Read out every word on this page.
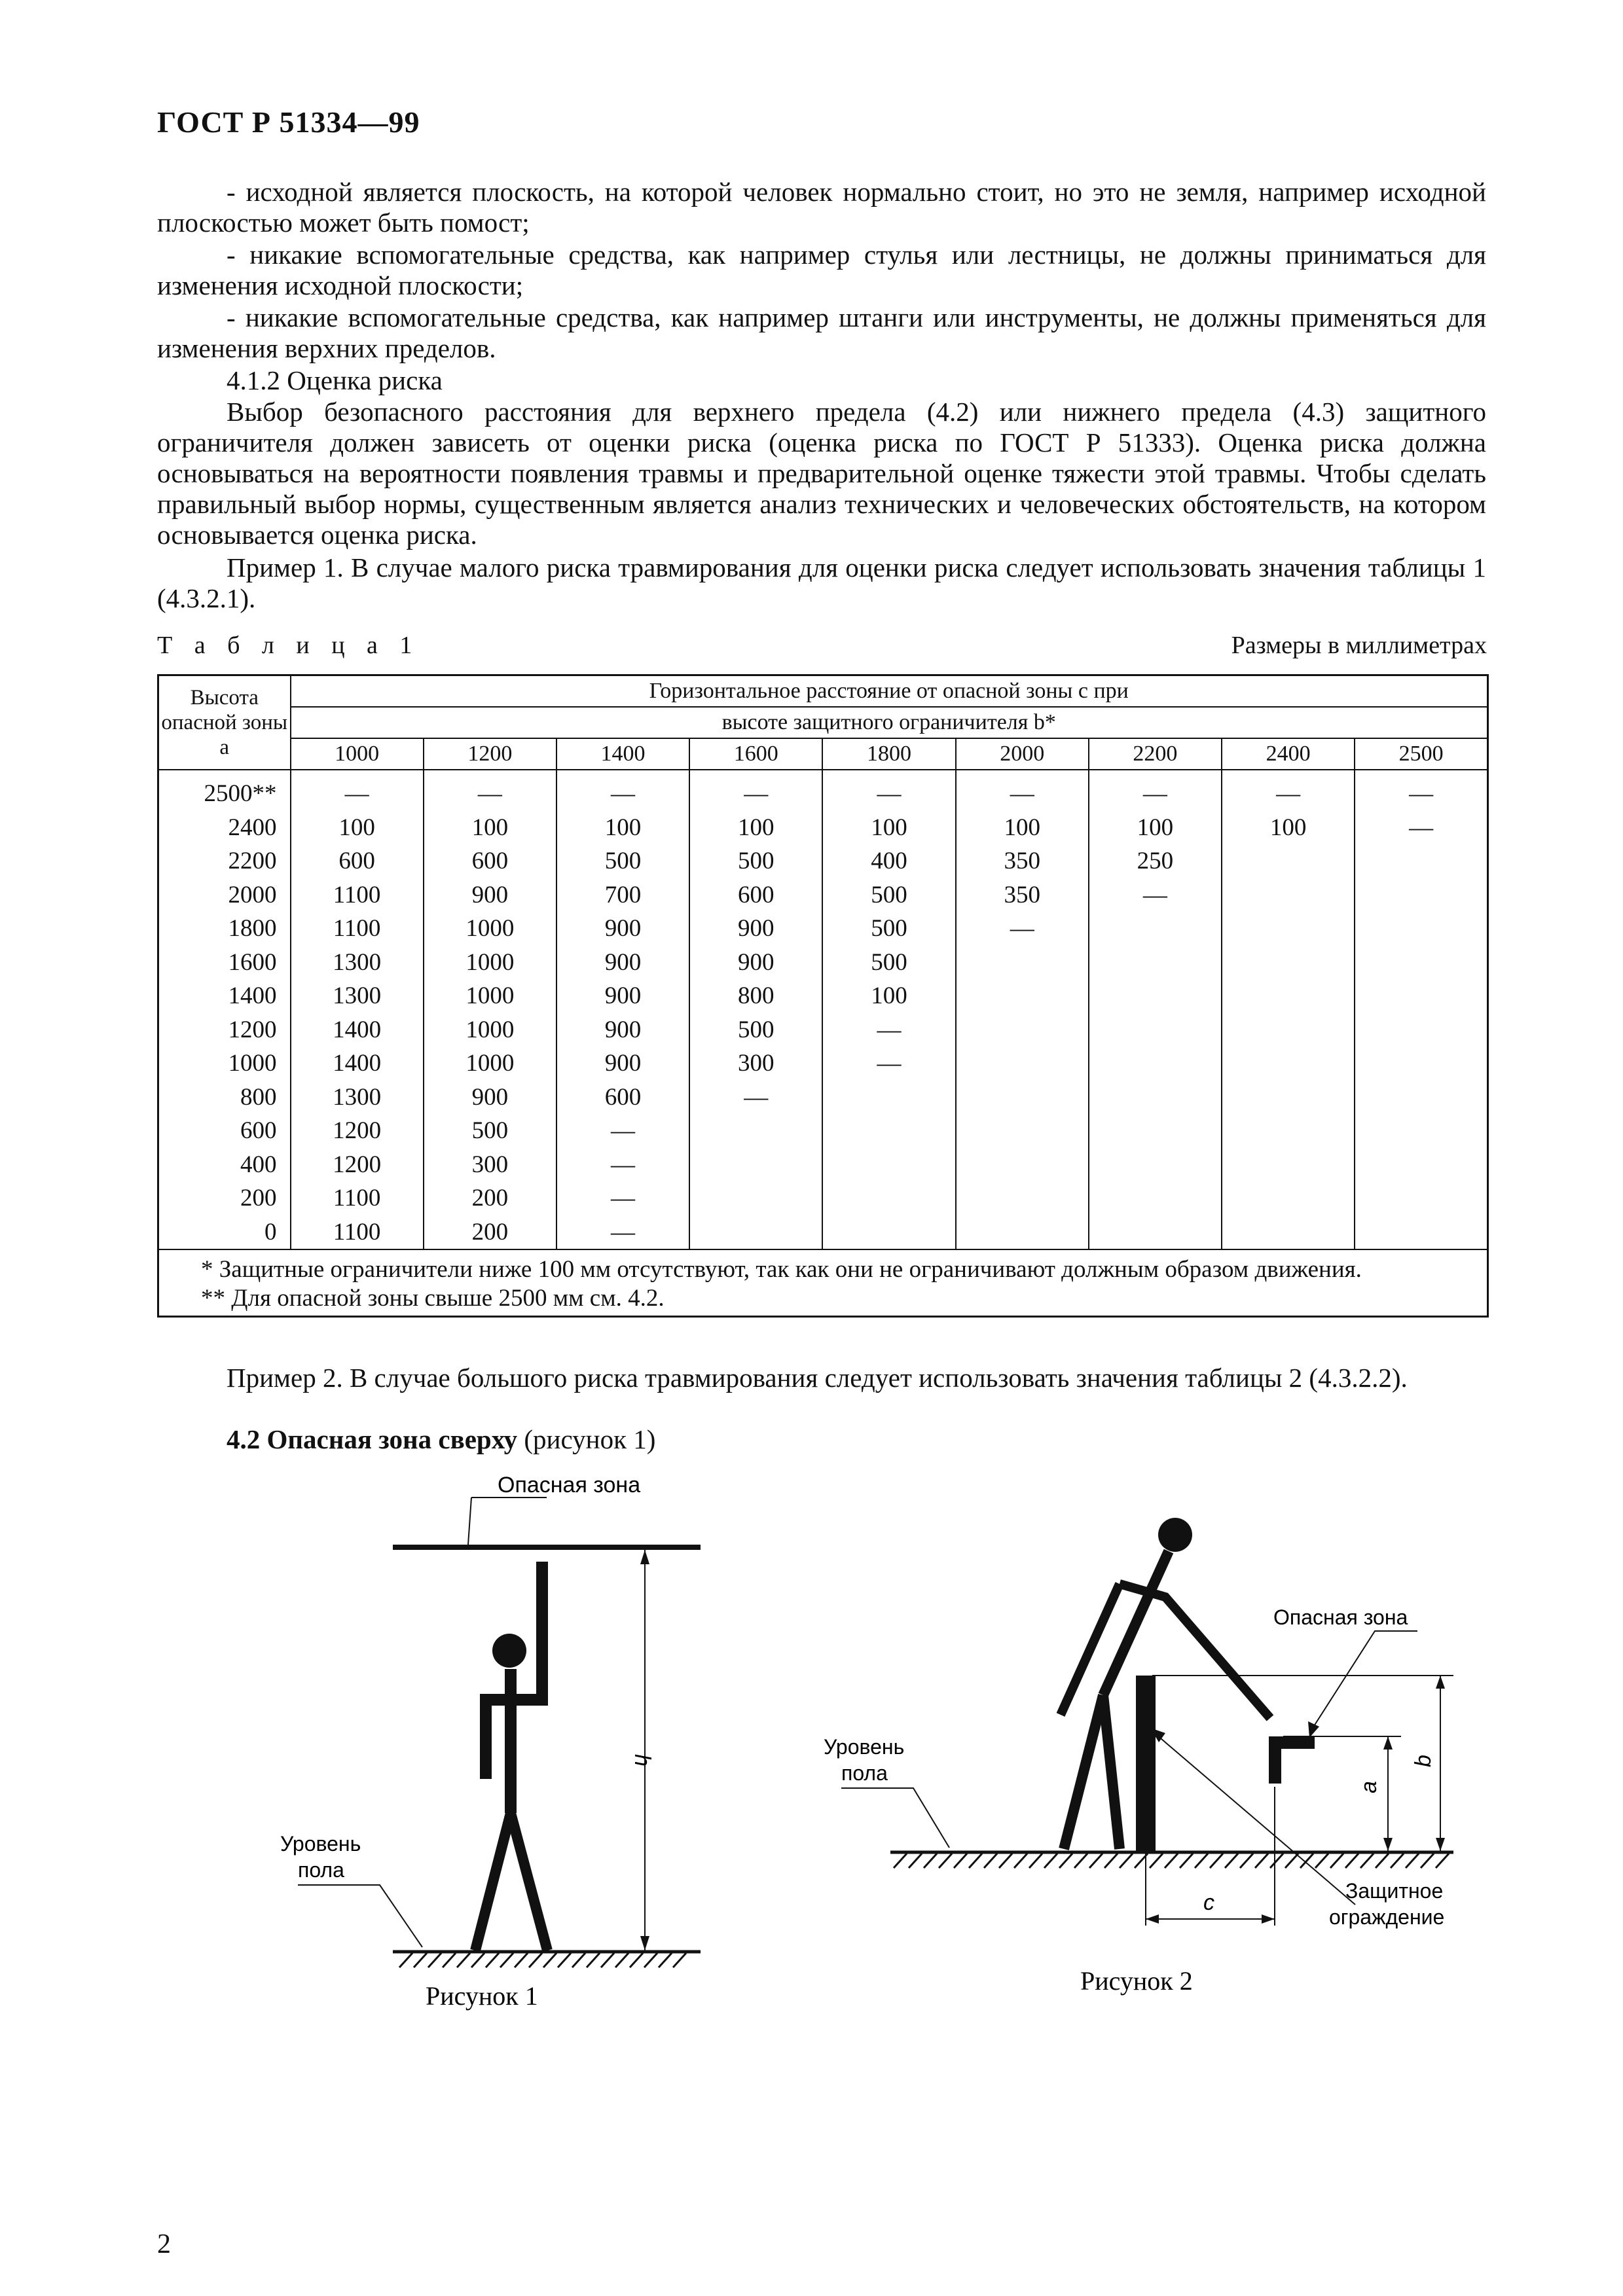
ГОСТ Р 51334—99
- исходной является плоскость, на которой человек нормально стоит, но это не земля, например исходной плоскостью может быть помост;
- никакие вспомогательные средства, как например стулья или лестницы, не должны приниматься для изменения исходной плоскости;
- никакие вспомогательные средства, как например штанги или инструменты, не должны применяться для изменения верхних пределов.
4.1.2 Оценка риска
Выбор безопасного расстояния для верхнего предела (4.2) или нижнего предела (4.3) защитного ограничителя должен зависеть от оценки риска (оценка риска по ГОСТ Р 51333). Оценка риска должна основываться на вероятности появления травмы и предварительной оценке тяжести этой травмы. Чтобы сделать правильный выбор нормы, существенным является анализ технических и человеческих обстоятельств, на котором основывается оценка риска.
Пример 1. В случае малого риска травмирования для оценки риска следует использовать значения таблицы 1 (4.3.2.1).
Т а б л и ц а 1	Размеры в миллиметрах
Высота опасной зоны a	Горизонтальное расстояние от опасной зоны c при								
	высоте защитного ограничителя b*								
	1000	1200	1400	1600	1800	2000	2200	2400	2500
2500**	—	—	—	—	—	—	—	—	—
2400	100	100	100	100	100	100	100	100	—
2200	600	600	500	500	400	350	250		
2000	1100	900	700	600	500	350	—		
1800	1100	1000	900	900	500	—			
1600	1300	1000	900	900	500				
1400	1300	1000	900	800	100				
1200	1400	1000	900	500	—				
1000	1400	1000	900	300	—				
800	1300	900	600	—					
600	1200	500	—						
400	1200	300	—						
200	1100	200	—						
0	1100	200	—						

* Защитные ограничители ниже 100 мм отсутствуют, так как они не ограничивают должным образом движения.
** Для опасной зоны свыше 2500 мм см. 4.2.									
Пример 2. В случае большого риска травмирования следует использовать значения таблицы 2 (4.3.2.2).
4.2 Опасная зона сверху (рисунок 1)
Опасная зона
h
Уровень
пола
Рисунок 1
a
b
c
Опасная зона
Уровень
пола
Защитное
ограждение
Рисунок 2
2
